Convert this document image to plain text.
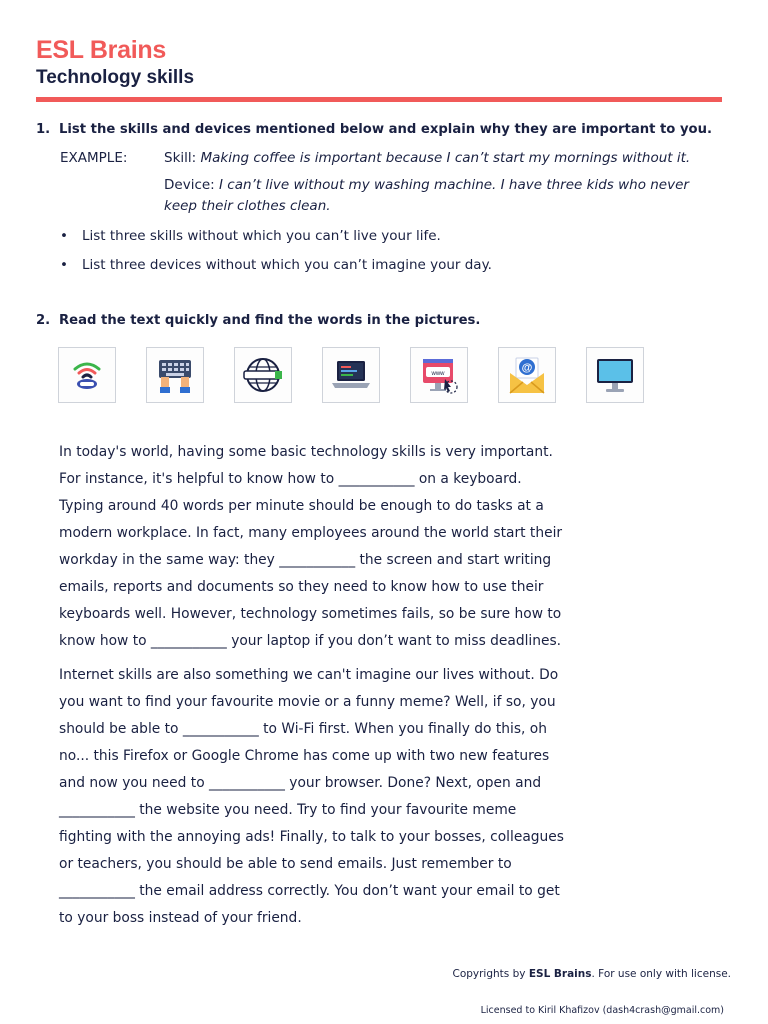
ESL Brains
Technology skills
1. List the skills and devices mentioned below and explain why they are important to you.
EXAMPLE:	Skill: Making coffee is important because I can’t start my mornings without it.
Device: I can’t live without my washing machine. I have three kids who never keep their clothes clean.
• List three skills without which you can’t live your life.
• List three devices without which you can’t imagine your day.
2. Read the text quickly and find the words in the pictures.
www	@
In today's world, having some basic technology skills is very important. For instance, it's helpful to know how to ___________ on a keyboard. Typing around 40 words per minute should be enough to do tasks at a modern workplace. In fact, many employees around the world start their workday in the same way: they ___________ the screen and start writing emails, reports and documents so they need to know how to use their keyboards well. However, technology sometimes fails, so be sure how to know how to ___________ your laptop if you don’t want to miss deadlines.
Internet skills are also something we can't imagine our lives without. Do you want to find your favourite movie or a funny meme? Well, if so, you should be able to ___________ to Wi-Fi first. When you finally do this, oh no... this Firefox or Google Chrome has come up with two new features and now you need to ___________ your browser. Done? Next, open and ___________ the website you need. Try to find your favourite meme fighting with the annoying ads! Finally, to talk to your bosses, colleagues or teachers, you should be able to send emails. Just remember to ___________ the email address correctly. You don’t want your email to get to your boss instead of your friend.
Copyrights by ESL Brains. For use only with license.
Licensed to Kiril Khafizov (dash4crash@gmail.com)
